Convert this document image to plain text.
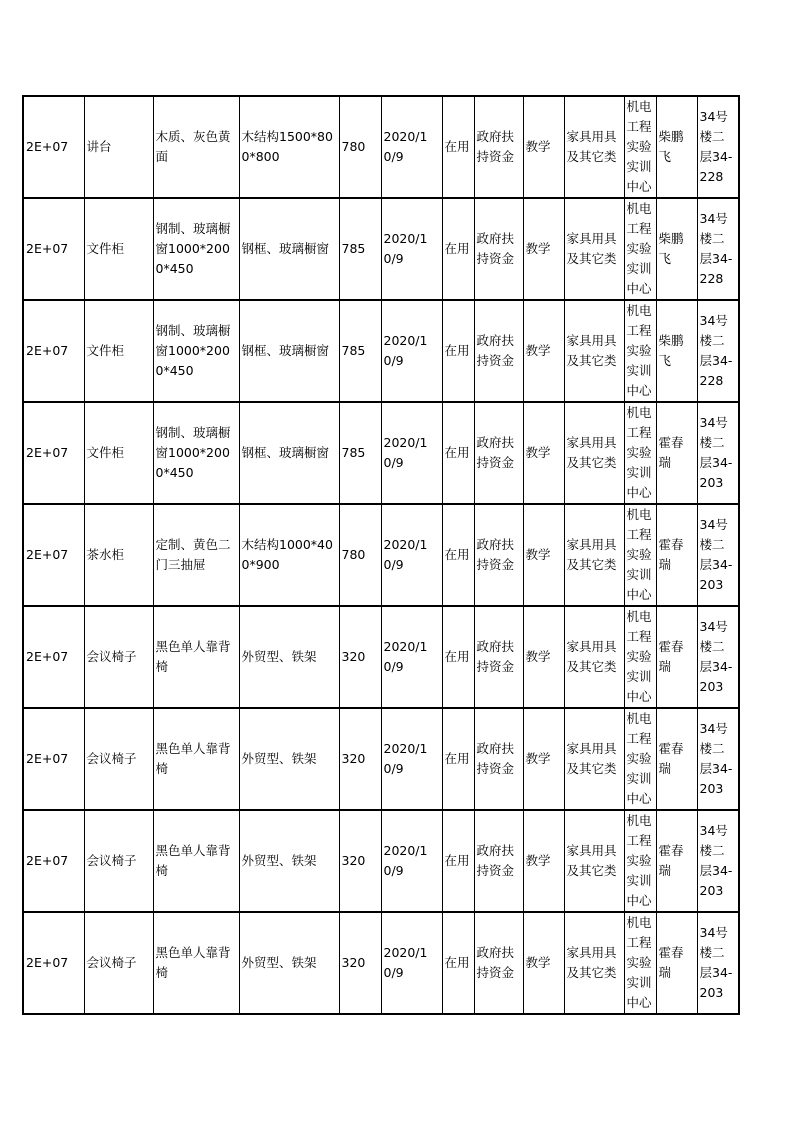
2E+07	讲台	木质、灰色黄面	木结构1500*800*800	780	2020/10/9	在用	政府扶持资金	教学	家具用具及其它类	机电工程实验实训中心	柴鹏飞	34号楼二层34-228
2E+07	文件柜	钢制、玻璃橱窗1000*2000*450	钢框、玻璃橱窗	785	2020/10/9	在用	政府扶持资金	教学	家具用具及其它类	机电工程实验实训中心	柴鹏飞	34号楼二层34-228
2E+07	文件柜	钢制、玻璃橱窗1000*2000*450	钢框、玻璃橱窗	785	2020/10/9	在用	政府扶持资金	教学	家具用具及其它类	机电工程实验实训中心	柴鹏飞	34号楼二层34-228
2E+07	文件柜	钢制、玻璃橱窗1000*2000*450	钢框、玻璃橱窗	785	2020/10/9	在用	政府扶持资金	教学	家具用具及其它类	机电工程实验实训中心	霍春瑞	34号楼二层34-203
2E+07	茶水柜	定制、黄色二门三抽屉	木结构1000*400*900	780	2020/10/9	在用	政府扶持资金	教学	家具用具及其它类	机电工程实验实训中心	霍春瑞	34号楼二层34-203
2E+07	会议椅子	黑色单人靠背椅	外贸型、铁架	320	2020/10/9	在用	政府扶持资金	教学	家具用具及其它类	机电工程实验实训中心	霍春瑞	34号楼二层34-203
2E+07	会议椅子	黑色单人靠背椅	外贸型、铁架	320	2020/10/9	在用	政府扶持资金	教学	家具用具及其它类	机电工程实验实训中心	霍春瑞	34号楼二层34-203
2E+07	会议椅子	黑色单人靠背椅	外贸型、铁架	320	2020/10/9	在用	政府扶持资金	教学	家具用具及其它类	机电工程实验实训中心	霍春瑞	34号楼二层34-203
2E+07	会议椅子	黑色单人靠背椅	外贸型、铁架	320	2020/10/9	在用	政府扶持资金	教学	家具用具及其它类	机电工程实验实训中心	霍春瑞	34号楼二层34-203
